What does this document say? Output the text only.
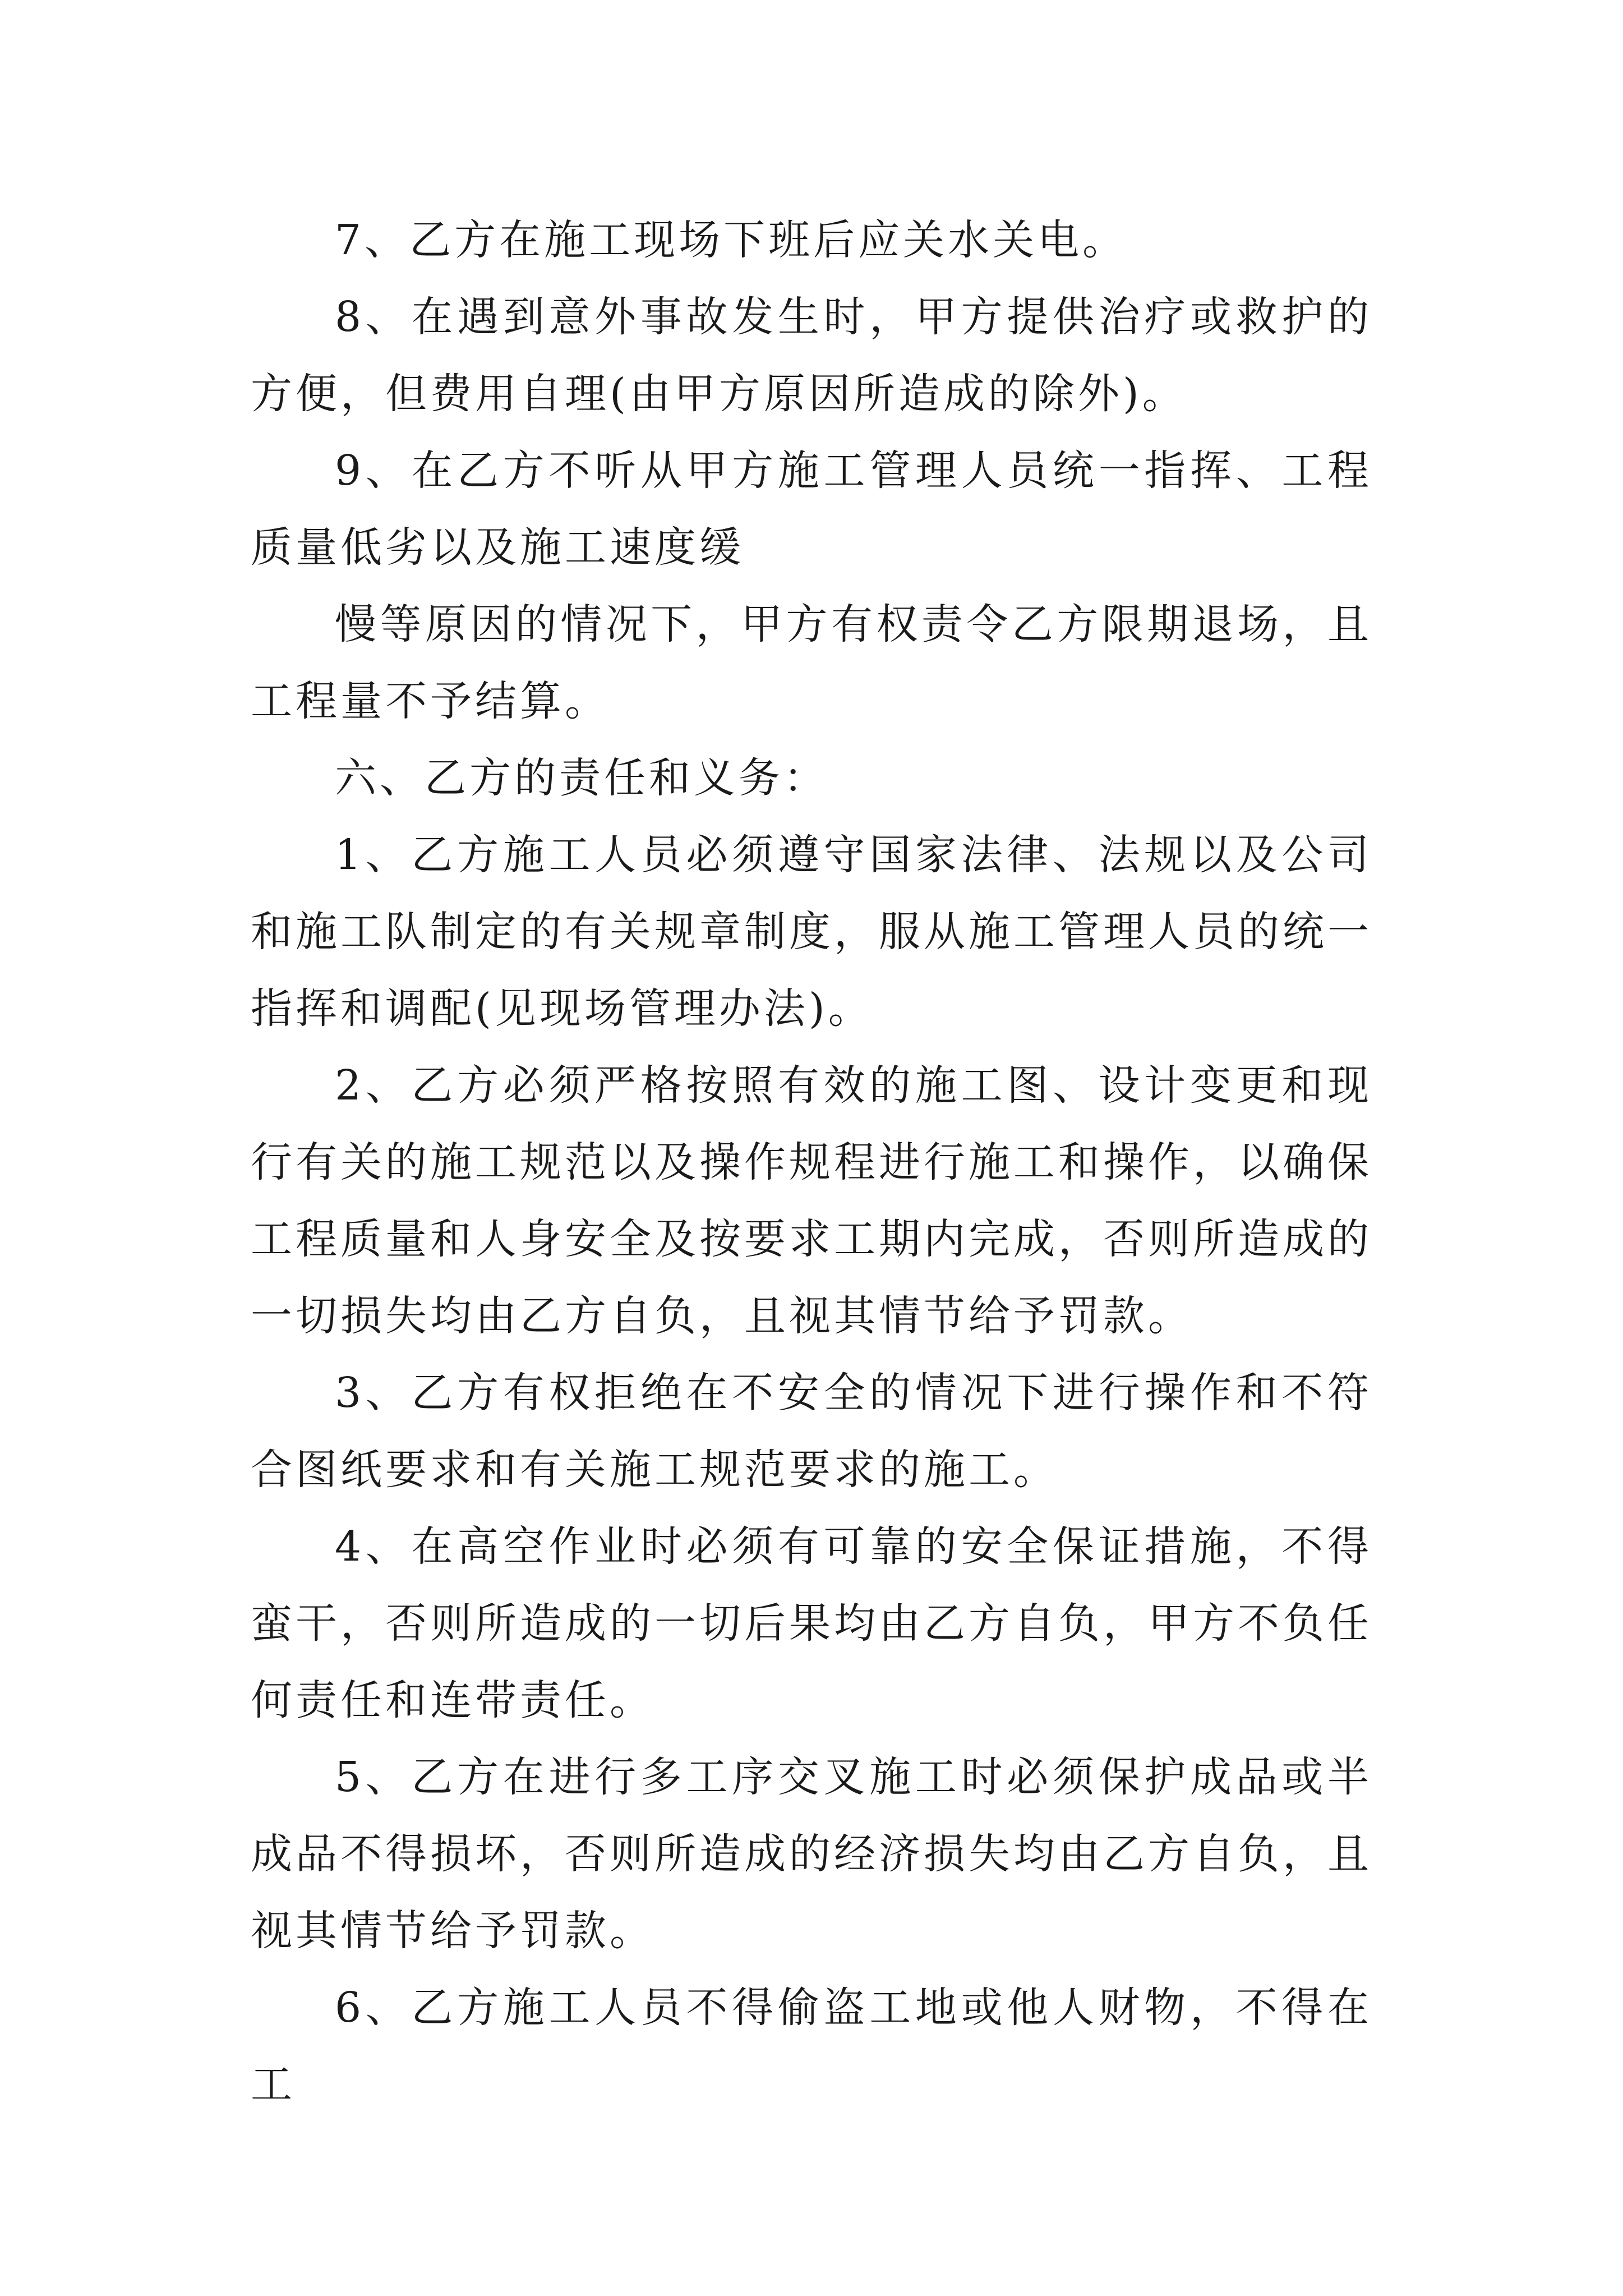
7、乙方在施工现场下班后应关水关电。

8、在遇到意外事故发生时，甲方提供治疗或救护的方便，但费用自理(由甲方原因所造成的除外)。

9、在乙方不听从甲方施工管理人员统一指挥、工程质量低劣以及施工速度缓

慢等原因的情况下，甲方有权责令乙方限期退场，且工程量不予结算。

六、乙方的责任和义务：

1、乙方施工人员必须遵守国家法律、法规以及公司和施工队制定的有关规章制度，服从施工管理人员的统一指挥和调配(见现场管理办法)。

2、乙方必须严格按照有效的施工图、设计变更和现行有关的施工规范以及操作规程进行施工和操作，以确保工程质量和人身安全及按要求工期内完成，否则所造成的一切损失均由乙方自负，且视其情节给予罚款。

3、乙方有权拒绝在不安全的情况下进行操作和不符合图纸要求和有关施工规范要求的施工。

4、在高空作业时必须有可靠的安全保证措施，不得蛮干，否则所造成的一切后果均由乙方自负，甲方不负任何责任和连带责任。

5、乙方在进行多工序交叉施工时必须保护成品或半成品不得损坏，否则所造成的经济损失均由乙方自负，且视其情节给予罚款。

6、乙方施工人员不得偷盗工地或他人财物，不得在工
